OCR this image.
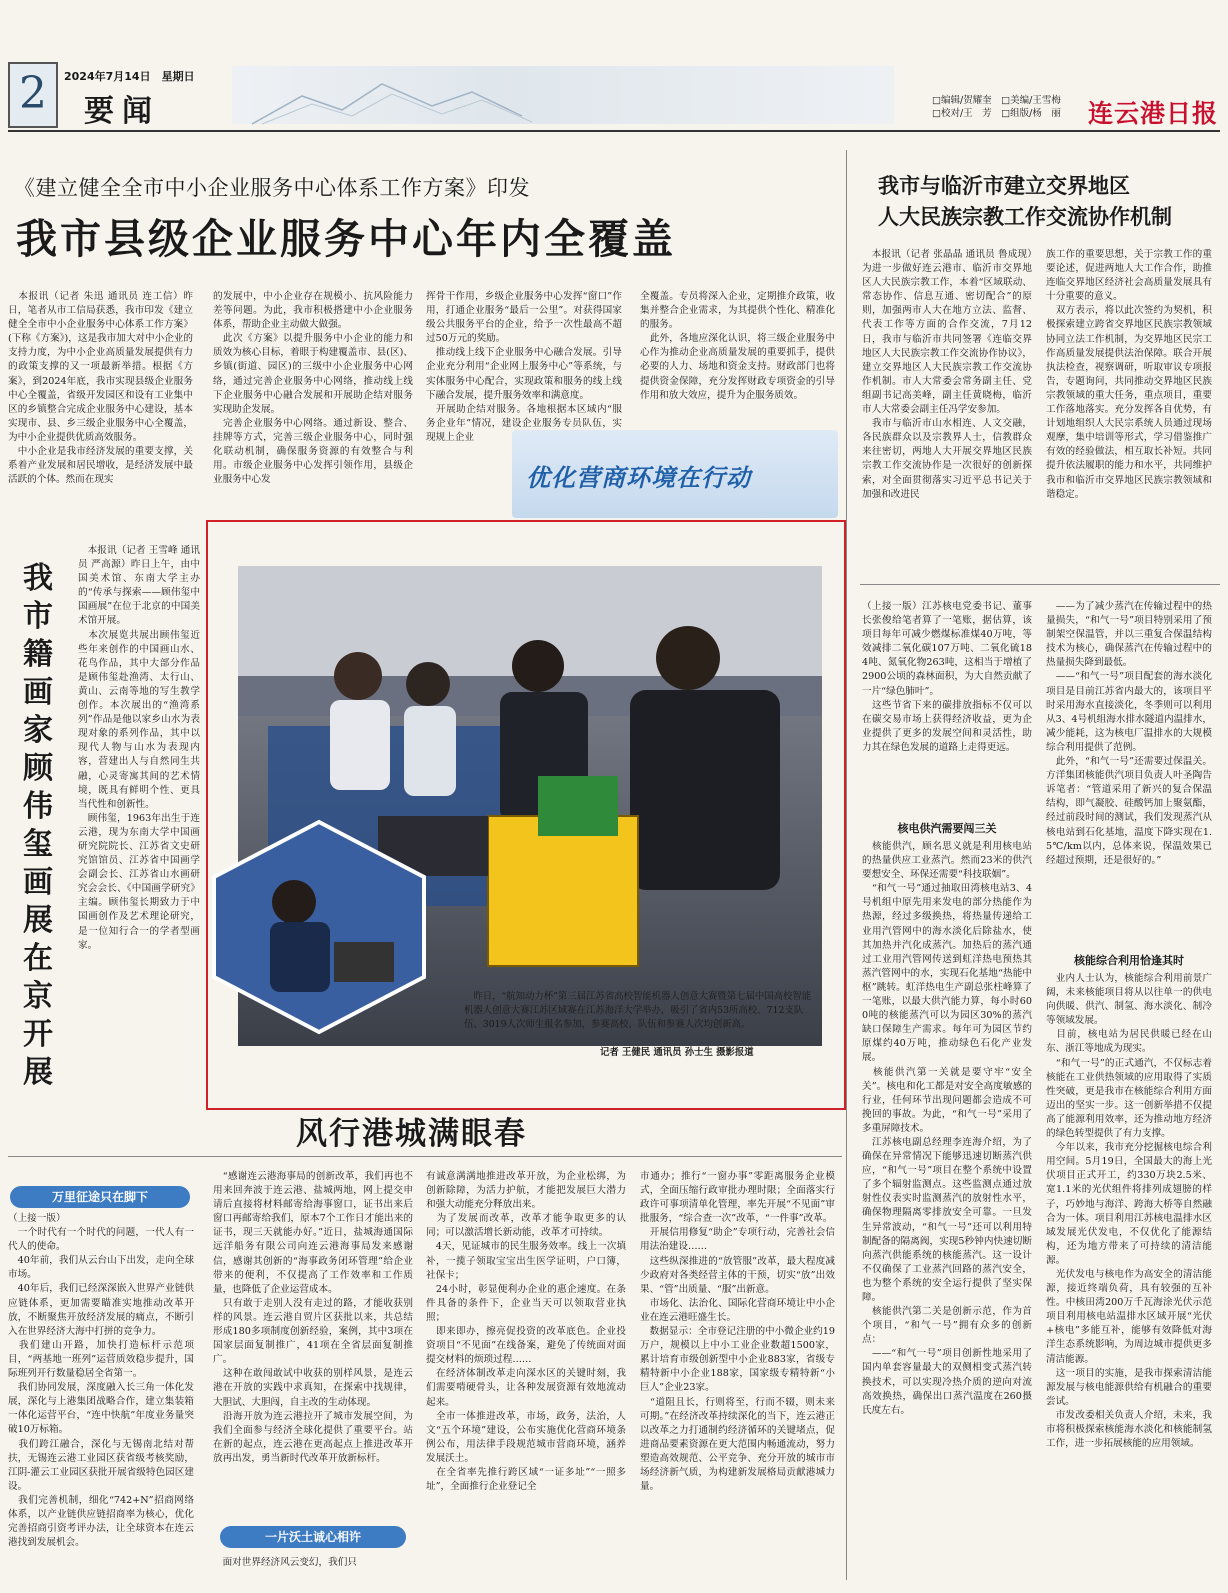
2	2024年7月14日　星期日
要闻	□编辑/贺耀奎　□美编/王雪梅
□校对/王　芳　□组版/杨　丽 连云港日报
《建立健全全市中小企业服务中心体系工作方案》印发
我市县级企业服务中心年内全覆盖
　本报讯（记者 朱迅 通讯员 连工信）昨日，笔者从市工信局获悉，我市印发《建立健全全市中小企业服务中心体系工作方案》(下称《方案》)，这是我市加大对中小企业的支持力度，为中小企业高质量发展提供有力的政策支撑的又一项最新举措。根据《方案》，到2024年底，我市实现县级企业服务中心全覆盖，省级开发园区和设有工业集中区的乡镇整合完成企业服务中心建设，基本实现市、县、乡三级企业服务中心全覆盖，为中小企业提供优质高效服务。
　中小企业是我市经济发展的重要支撑，关系着产业发展和居民增收，是经济发展中最活跃的个体。然而在现实
的发展中，中小企业存在规模小、抗风险能力差等问题。为此，我市积极搭建中小企业服务体系，帮助企业主动做大做强。
　此次《方案》以提升服务中小企业的能力和质效为核心目标，着眼于构建覆盖市、县(区)、乡镇(街道、园区)的三级中小企业服务中心网络，通过完善企业服务中心网络，推动线上线下企业服务中心融合发展和开展助企结对服务实现助企发展。
　完善企业服务中心网络。通过新设、整合、挂牌等方式，完善三级企业服务中心，同时强化联动机制，确保服务资源的有效整合与利用。市级企业服务中心发挥引领作用，县级企业服务中心发
挥骨干作用，乡级企业服务中心发挥“窗口”作用，打通企业服务“最后一公里”。对获得国家级公共服务平台的企业，给予一次性最高不超过50万元的奖励。
　推动线上线下企业服务中心融合发展。引导企业充分利用“企业网上服务中心”等系统，与实体服务中心配合，实现政策和服务的线上线下融合发展，提升服务效率和满意度。
　开展助企结对服务。各地根据本区域内“服务企业年”情况，建设企业服务专员队伍，实现规上企业
全覆盖。专员将深入企业，定期推介政策，收集并整合企业需求，为其提供个性化、精准化的服务。
　此外，各地应深化认识，将三级企业服务中心作为推动企业高质量发展的重要抓手，提供必要的人力、场地和资金支持。财政部门也将提供资金保障，充分发挥财政专项资金的引导作用和放大效应，提升为企服务质效。
优化营商环境在行动
我市与临沂市建立交界地区
人大民族宗教工作交流协作机制
　本报讯（记者 张晶晶 通讯员 鲁成现）为进一步做好连云港市、临沂市交界地区人大民族宗教工作，本着“区域联动、常态协作、信息互通、密切配合”的原则，加强两市人大在地方立法、监督、代表工作等方面的合作交流，7月12日，我市与临沂市共同签署《连临交界地区人大民族宗教工作交流协作协议》，建立交界地区人大民族宗教工作交流协作机制。市人大常委会常务副主任、党组副书记高美峰，副主任黄晓梅，临沂市人大常委会副主任冯学安参加。
　我市与临沂市山水相连、人文交融，各民族群众以及宗教界人士，信教群众来往密切，两地人大开展交界地区民族宗教工作交流协作是一次很好的创新探索，对全面贯彻落实习近平总书记关于加强和改进民
族工作的重要思想，关于宗教工作的重要论述，促进两地人大工作合作，助推连临交界地区经济社会高质量发展具有十分重要的意义。
　双方表示，将以此次签约为契机，积极探索建立跨省交界地区民族宗教领域协同立法工作机制，为交界地区民宗工作高质量发展提供法治保障。联合开展执法检查，视察调研，听取审议专项报告，专题询问，共同推动交界地区民族宗教领域的重大任务，重点项目，重要工作落地落实。充分发挥各自优势，有计划地组织人大民宗系统人员通过现场观摩，集中培训等形式，学习借鉴推广有效的经验做法，相互取长补短。共同提升依法履职的能力和水平，共同维护我市和临沂市交界地区民族宗教领域和谐稳定。
我市籍画家顾伟玺画展在京开展
　本报讯（记者 王雪峰 通讯员 严高源）昨日上午，由中国美术馆、东南大学主办的“传承与探索——顾伟玺中国画展”在位于北京的中国美术馆开展。
　本次展览共展出顾伟玺近些年来创作的中国画山水、花鸟作品，其中大部分作品是顾伟玺赴渔湾、太行山、黄山、云南等地的写生教学创作。本次展出的“渔湾系列”作品是他以家乡山水为表现对象的系列作品，其中以现代人物与山水为表现内容，营建出人与自然同生共融，心灵寄寓其间的艺术情境，既具有鲜明个性、更具当代性和创新性。
　顾伟玺，1963年出生于连云港，现为东南大学中国画研究院院长、江苏省文史研究馆馆员、江苏省中国画学会副会长、江苏省山水画研究会会长、《中国画学研究》主编。顾伟玺长期致力于中国画创作及艺术理论研究，是一位知行合一的学者型画家。
　昨日，“航知动力杯”第三届江苏省高校智能机器人创意大赛暨第七届中国高校智能机器人创意大赛江苏区域赛在江苏海洋大学举办，吸引了省内53所高校、712支队伍、3019人次师生报名参加，参赛高校、队伍和参赛人次均创新高。
记者 王健民 通讯员 孙士生 摄影报道
（上接一版）江苏核电党委书记、董事长张俊给笔者算了一笔账，据估算，该项目每年可减少燃煤标准煤40万吨，等效减排二氧化碳107万吨、二氧化硫184吨、氮氧化物263吨，这相当于增植了2900公顷的森林面积，为大自然贡献了一片“绿色肺叶”。
　这些节省下来的碳排放指标不仅可以在碳交易市场上获得经济收益，更为企业提供了更多的发展空间和灵活性，助力其在绿色发展的道路上走得更远。
核电供汽需要闯三关
　核能供汽，顾名思义就是利用核电站的热量供应工业蒸汽。然而23米的供汽要想安全、环保还需要“科技联姻”。
　“和气一号”通过抽取田湾核电站3、4号机组中原先用来发电的部分热能作为热源，经过多级换热，将热量传递给工业用汽管网中的海水淡化后除盐水，使其加热并汽化成蒸汽。加热后的蒸汽通过工业用汽管网传送到虹洋热电预热其蒸汽管网中的水，实现石化基地“热能中枢”跳转。虹洋热电生产副总张柱峰算了一笔账，以最大供汽能力算，每小时600吨的核能蒸汽可以为园区30%的蒸汽缺口保障生产需求。每年可为园区节约原煤约40万吨，推动绿色石化产业发展。
　核能供汽第一关就是要守牢“安全关”。核电和化工都是对安全高度敏感的行业，任何环节出现问题都会造成不可挽回的事故。为此，“和气一号”采用了多重屏障技术。
　江苏核电副总经理李连海介绍，为了确保在异常情况下能够迅速切断蒸汽供应，“和气一号”项目在整个系统中设置了多个辐射监测点。这些监测点通过放射性仪表实时监测蒸汽的放射性水平，确保物理隔离零排放安全可靠。一旦发生异常波动，“和气一号”还可以利用特制配备的隔离阀，实现5秒钟内快速切断向蒸汽供能系统的核能蒸汽。这一设计不仅确保了工业蒸汽回路的蒸汽安全，也为整个系统的安全运行提供了坚实保障。
　核能供汽第二关是创新示范，作为首个项目，“和气一号”拥有众多的创新点：
　——“和气一号”项目创新性地采用了国内单套容量最大的双侧相变式蒸汽转换技术，可以实现冷热介质的逆向对流高效换热，确保出口蒸汽温度在260摄氏度左右。
　——为了减少蒸汽在传输过程中的热量损失，“和气一号”项目特别采用了预制架空保温管，并以三重复合保温结构技术为核心，确保蒸汽在传输过程中的热量损失降到最低。
　——“和气一号”项目配套的海水淡化项目是目前江苏省内最大的，该项目平时采用海水直接淡化，冬季则可以利用从3、4号机组海水排水隧道内温排水，减少能耗，这为核电厂温排水的大规模综合利用提供了范例。
　此外，“和气一号”还需要过保温关。方洋集团核能供汽项目负责人叶圣陶告诉笔者：“管道采用了新兴的复合保温结构，即气凝胶、硅酸钙加上聚氨酯，经过前段时间的测试，我们发现蒸汽从核电站到石化基地，温度下降实现在1.5℃/km以内，总体来说，保温效果已经超过预期，还是很好的。”
核能综合利用恰逢其时
　业内人士认为，核能综合利用前景广阔，未来核能项目将从以往单一的供电向供暖、供汽、制氢、海水淡化、制冷等领域发展。
　目前，核电站为居民供暖已经在山东、浙江等地成为现实。
　“和气一号”的正式通汽，不仅标志着核能在工业供热领域的应用取得了实质性突破，更是我市在核能综合利用方面迈出的坚实一步。这一创新举措不仅提高了能源利用效率，还为推动地方经济的绿色转型提供了有力支撑。
　今年以来，我市充分挖掘核电综合利用空间。5月19日，全国最大的海上光伏项目正式开工，约330万块2.5米、宽1.1米的光伏组件将排列成翅膀的样子，巧妙地与海洋、跨海大桥等自然融合为一体。项目利用江苏核电温排水区域发展光伏发电，不仅优化了能源结构，还为地方带来了可持续的清洁能源。
　光伏发电与核电作为高安全的清洁能源，接近终端负荷，具有较强的互补性。中核田湾200万千瓦海涂光伏示范项目利用核电站温排水区域开展“光伏+核电”多能互补，能够有效降低对海洋生态系统影响，为周边城市提供更多清洁能源。
　这一项目的实施，是我市探索清洁能源发展与核电能源供给有机融合的重要尝试。
　市发改委相关负责人介绍，未来，我市将积极探索核能海水淡化和核能制氢工作，进一步拓展核能的应用领域。
风行港城满眼春
万里征途只在脚下
（上接一版）
　一个时代有一个时代的问题，一代人有一代人的使命。
　40年前，我们从云台山下出发，走向全球市场。
　40年后，我们已经深深嵌入世界产业链供应链体系，更加需要瞄准实地推动改革开放，不断聚焦开放经济发展的痛点，不断引入在世界经济大海中打拼的竞争力。
　我们建山开路，加快打造标杆示范项目，“两基地一班列”运营质效稳步提升，国际班列开行数量稳居全省第一。
　我们协同发展，深度融入长三角一体化发展，深化与上港集团战略合作，建立集装箱一体化运营平台，“连中快航”年度业务量突破10万标箱。
　我们跨江融合，深化与无锡南北结对帮扶，无锡连云港工业园区获省级考核奖励，江阴-灌云工业园区获批开展省级特色园区建设。
　我们完善机制，细化“742+N”招商网络体系，以产业链供应链招商率为核心，优化完善招商引资考评办法，让全球资本在连云港找到发展机会。
　“感谢连云港海事局的创新改革，我们再也不用来回奔波于连云港、盐城两地，网上提交申请后直接将材料邮寄给海事窗口，证书出来后窗口再邮寄给我们，原本7个工作日才能出来的证书，现三天就能办好。”近日，盐城海通国际远洋船务有限公司向连云港海事局发来感谢信，感谢其创新的“海事政务闭环管理”给企业带来的便利，不仅提高了工作效率和工作质量，也降低了企业运营成本。
　只有敢于走别人没有走过的路，才能收获别样的风景。连云港自贸片区获批以来，共总结形成180多项制度创新经验，案例，其中3项在国家层面复制推广，41项在全省层面复制推广。
　这种在敢闯敢试中收获的别样风景，是连云港在开放的实践中求真知，在探索中找规律，大胆试、大胆闯，自主改的生动体现。
　沿海开放为连云港拉开了城市发展空间，为我们全面参与经济全球化提供了重要平台。站在新的起点，连云港在更高起点上推进改革开放再出发，勇当新时代改革开放新标杆。
一片沃土诚心相许
　面对世界经济风云变幻，我们只
有诚意满满地推进改革开放，为企业松绑，为创新除障，为活力护航，才能把发展巨大潜力和强大动能充分释放出来。
　为了发展而改革，改革才能争取更多的认同；可以激活增长新动能，改革才可持续。
　4天，见证城市的民生服务效率。线上一次填补，一揽子领取宝宝出生医学证明，户口簿，社保卡；
　24小时，彰显便利办企业的惠企速度。在条件具备的条件下，企业当天可以领取营业执照；
　即来即办，擦亮促投资的改革底色。企业投资项目“不见面”在线备案，避免了传统面对面提交材料的烦琐过程……
　在经济体制改革走向深水区的关键时刻，我们需要啃硬骨头，让各种发展资源有效地流动起来。
　全市一体推进改革，市场，政务，法治，人文“五个环境”建设，公布实施优化营商环境条例公布，用法律手段规范城市营商环境，涵养发展沃土。
　在全省率先推行跨区域“一证多址”“一照多址”，全面推行企业登记全
市通办；推行“一窗办事”零距离服务企业模式，全面压缩行政审批办理时限；全面落实行政许可事项清单化管理，率先开展“不见面”审批服务，“综合查一次”改革，“一件事”改革。
　开展信用修复“助企”专项行动，完善社会信用法治建设……
　这些纵深推进的“放管服”改革，最大程度减少政府对各类经营主体的干预，切实“放”出效果、“管”出质量、“服”出新意。
　市场化、法治化、国际化营商环境让中小企业在连云港旺盛生长。
　数据显示：全市登记注册的中小微企业约19万户，规模以上中小工业企业数超1500家，累计培育市级创新型中小企业883家，省级专精特新中小企业188家，国家级专精特新“小巨人”企业23家。
　“道阻且长，行则将至，行而不辍，则未来可期。”在经济改革持续深化的当下，连云港正以改革之力打通制约经济循环的关键堵点，促进商品要素资源在更大范围内畅通流动，努力塑造高效规范、公平竞争、充分开放的城市市场经济新气质，为构建新发展格局贡献港城力量。
